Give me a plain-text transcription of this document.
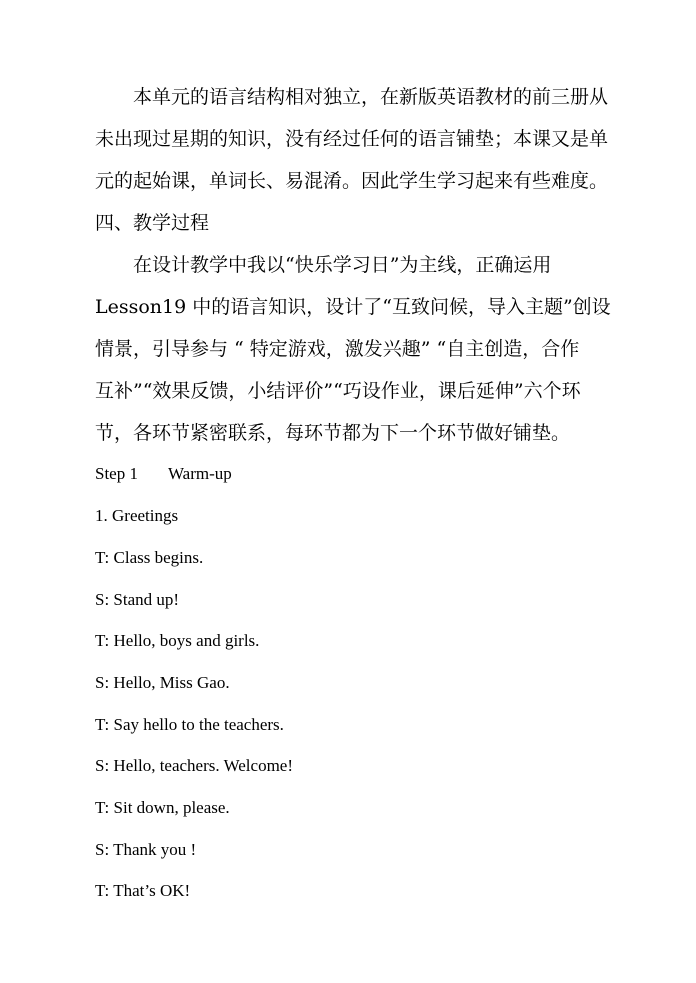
本单元的语言结构相对独立，在新版英语教材的前三册从
未出现过星期的知识，没有经过任何的语言铺垫；本课又是单
元的起始课，单词长、易混淆。因此学生学习起来有些难度。
四、教学过程
在设计教学中我以“快乐学习日”为主线，正确运用
Lesson19 中的语言知识，设计了“互致问候，导入主题”创设
情景，引导参与 “ 特定游戏，激发兴趣” “自主创造，合作
互补”“效果反馈，小结评价”“巧设作业，课后延伸”六个环
节，各环节紧密联系，每环节都为下一个环节做好铺垫。
Step 1 Warm-up
1. Greetings
T: Class begins.
S: Stand up!
T: Hello, boys and girls.
S: Hello, Miss Gao.
T: Say hello to the teachers.
S: Hello, teachers. Welcome!
T: Sit down, please.
S: Thank you !
T: That’s OK!
